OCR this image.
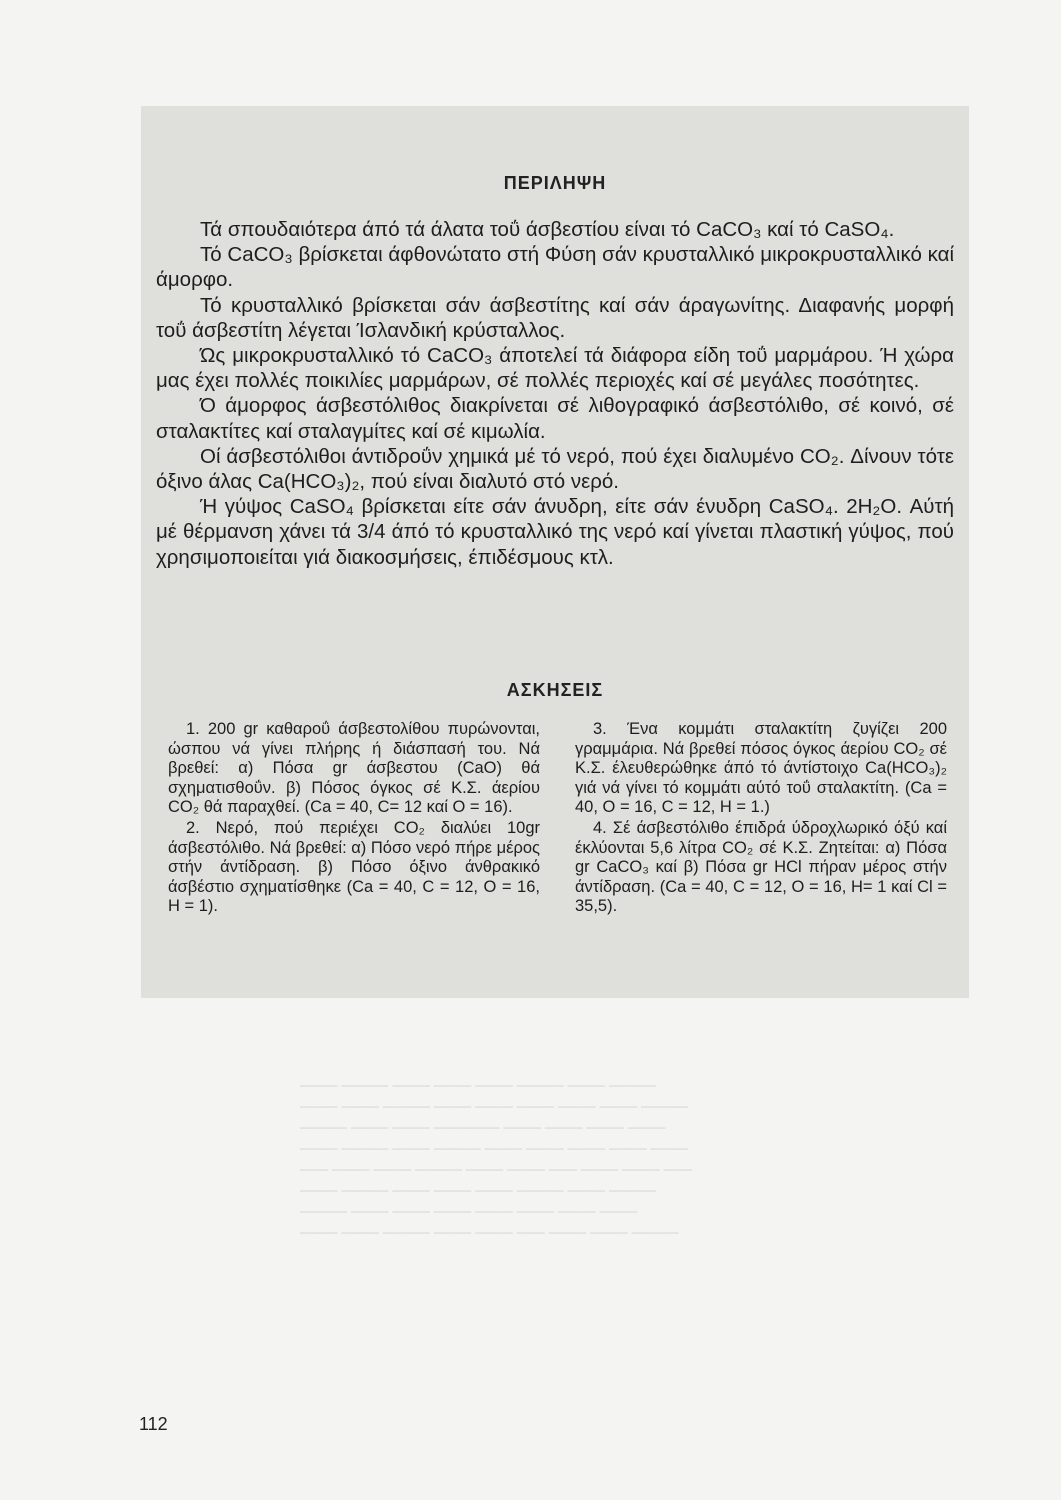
──── ───── ──── ──── ──── ───── ──── ─────
──── ──── ───── ──── ──── ──── ──── ──── ─────
───── ──── ──── ─────── ──── ──── ──── ────
──── ───── ──── ───── ──── ──── ──── ──── ────
─── ──── ──── ───── ──── ──── ─── ──── ──── ───
──── ───── ──── ──── ──── ───── ──── ─────
───── ──── ──── ──── ──── ──── ──── ────
──── ──── ───── ──── ──── ─── ──── ──── ─────
ΠΕΡΙΛΗΨΗ

Τά σπουδαιότερα άπό τά άλατα τοΰ άσβεστίου είναι τό CaCO₃ καί τό CaSO₄.

Τό CaCO₃ βρίσκεται άφθονώτατο στή Φύση σάν κρυσταλλικό μικροκρυσταλλικό καί άμορφο.

Τό κρυσταλλικό βρίσκεται σάν άσβεστίτης καί σάν άραγωνίτης. Διαφανής μορφή τοΰ άσβεστίτη λέγεται Ίσλανδική κρύσταλλος.

Ώς μικροκρυσταλλικό τό CaCO₃ άποτελεί τά διάφορα είδη τοΰ μαρμάρου. Ή χώρα μας έχει πολλές ποικιλίες μαρμάρων, σέ πολλές περιοχές καί σέ μεγάλες ποσότητες.

Ό άμορφος άσβεστόλιθος διακρίνεται σέ λιθογραφικό άσβεστόλιθο, σέ κοινό, σέ σταλακτίτες καί σταλαγμίτες καί σέ κιμωλία.

Οί άσβεστόλιθοι άντιδροΰν χημικά μέ τό νερό, πού έχει διαλυμένο CO₂. Δίνουν τότε όξινο άλας Ca(HCO₃)₂, πού είναι διαλυτό στό νερό.

Ή γύψος CaSO₄ βρίσκεται είτε σάν άνυδρη, είτε σάν ένυδρη CaSO₄. 2H₂O. Αύτή μέ θέρμανση χάνει τά 3/4 άπό τό κρυσταλλικό της νερό καί γίνεται πλαστική γύψος, πού χρησιμοποιείται γιά διακοσμήσεις, έπιδέσμους κτλ.

ΑΣΚΗΣΕΙΣ

1. 200 gr καθαροΰ άσβεστολίθου πυρώνονται, ώσπου νά γίνει πλήρης ή διάσπασή του. Νά βρεθεί: α) Πόσα gr άσβεστου (CaO) θά σχηματισθοΰν. β) Πόσος όγκος σέ Κ.Σ. άερίου CO₂ θά παραχθεί. (Ca = 40, C= 12 καί O = 16).

2. Νερό, πού περιέχει CO₂ διαλύει 10gr άσβεστόλιθο. Νά βρεθεί: α) Πόσο νερό πήρε μέρος στήν άντίδραση. β) Πόσο όξινο άνθρακικό άσβέστιο σχηματίσθηκε (Ca = 40, C = 12, O = 16, H = 1).

3. Ένα κομμάτι σταλακτίτη ζυγίζει 200 γραμμάρια. Νά βρεθεί πόσος όγκος άερίου CO₂ σέ Κ.Σ. έλευθερώθηκε άπό τό άντίστοιχο Ca(HCO₃)₂ γιά νά γίνει τό κομμάτι αύτό τοΰ σταλακτίτη. (Ca = 40, O = 16, C = 12, H = 1.)

4. Σέ άσβεστόλιθο έπιδρά ύδροχλωρικό όξύ καί έκλύονται 5,6 λίτρα CO₂ σέ Κ.Σ. Ζητείται: α) Πόσα gr CaCO₃ καί β) Πόσα gr HCl πήραν μέρος στήν άντίδραση. (Ca = 40, C = 12, O = 16, H= 1 καί Cl = 35,5).

112
